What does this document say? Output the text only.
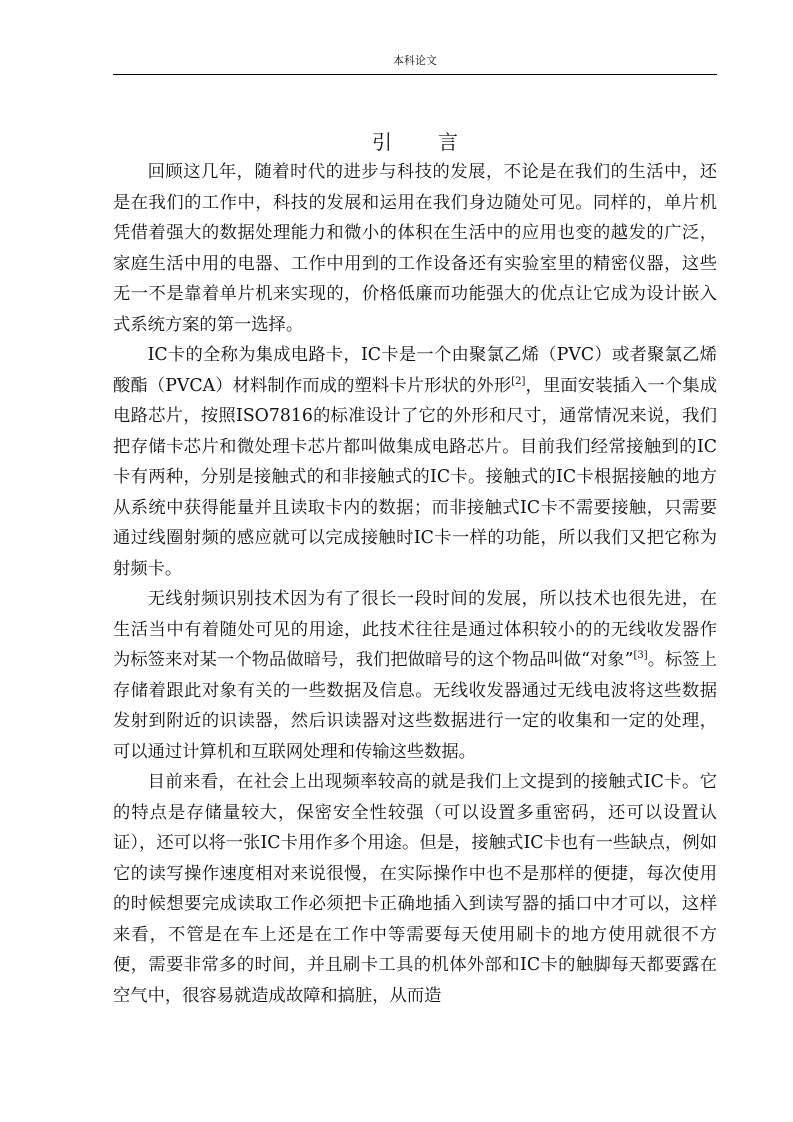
本科论文
引言

回顾这几年，随着时代的进步与科技的发展，不论是在我们的生活中，还是在我们的工作中，科技的发展和运用在我们身边随处可见。同样的，单片机凭借着强大的数据处理能力和微小的体积在生活中的应用也变的越发的广泛，家庭生活中用的电器、工作中用到的工作设备还有实验室里的精密仪器，这些无一不是靠着单片机来实现的，价格低廉而功能强大的优点让它成为设计嵌入式系统方案的第一选择。

IC卡的全称为集成电路卡，IC卡是一个由聚氯乙烯（PVC）或者聚氯乙烯酸酯（PVCA）材料制作而成的塑料卡片形状的外形[2]，里面安装插入一个集成电路芯片，按照ISO7816的标准设计了它的外形和尺寸，通常情况来说，我们把存储卡芯片和微处理卡芯片都叫做集成电路芯片。目前我们经常接触到的IC卡有两种，分别是接触式的和非接触式的IC卡。接触式的IC卡根据接触的地方从系统中获得能量并且读取卡内的数据；而非接触式IC卡不需要接触，只需要通过线圈射频的感应就可以完成接触时IC卡一样的功能，所以我们又把它称为射频卡。

无线射频识别技术因为有了很长一段时间的发展，所以技术也很先进，在生活当中有着随处可见的用途，此技术往往是通过体积较小的的无线收发器作为标签来对某一个物品做暗号，我们把做暗号的这个物品叫做“对象”[3]。标签上存储着跟此对象有关的一些数据及信息。无线收发器通过无线电波将这些数据发射到附近的识读器，然后识读器对这些数据进行一定的收集和一定的处理，可以通过计算机和互联网处理和传输这些数据。

目前来看，在社会上出现频率较高的就是我们上文提到的接触式IC卡。它的特点是存储量较大，保密安全性较强（可以设置多重密码，还可以设置认证），还可以将一张IC卡用作多个用途。但是，接触式IC卡也有一些缺点，例如它的读写操作速度相对来说很慢，在实际操作中也不是那样的便捷，每次使用的时候想要完成读取工作必须把卡正确地插入到读写器的插口中才可以，这样来看，不管是在车上还是在工作中等需要每天使用刷卡的地方使用就很不方便，需要非常多的时间，并且刷卡工具的机体外部和IC卡的触脚每天都要露在空气中，很容易就造成故障和搞脏，从而造
